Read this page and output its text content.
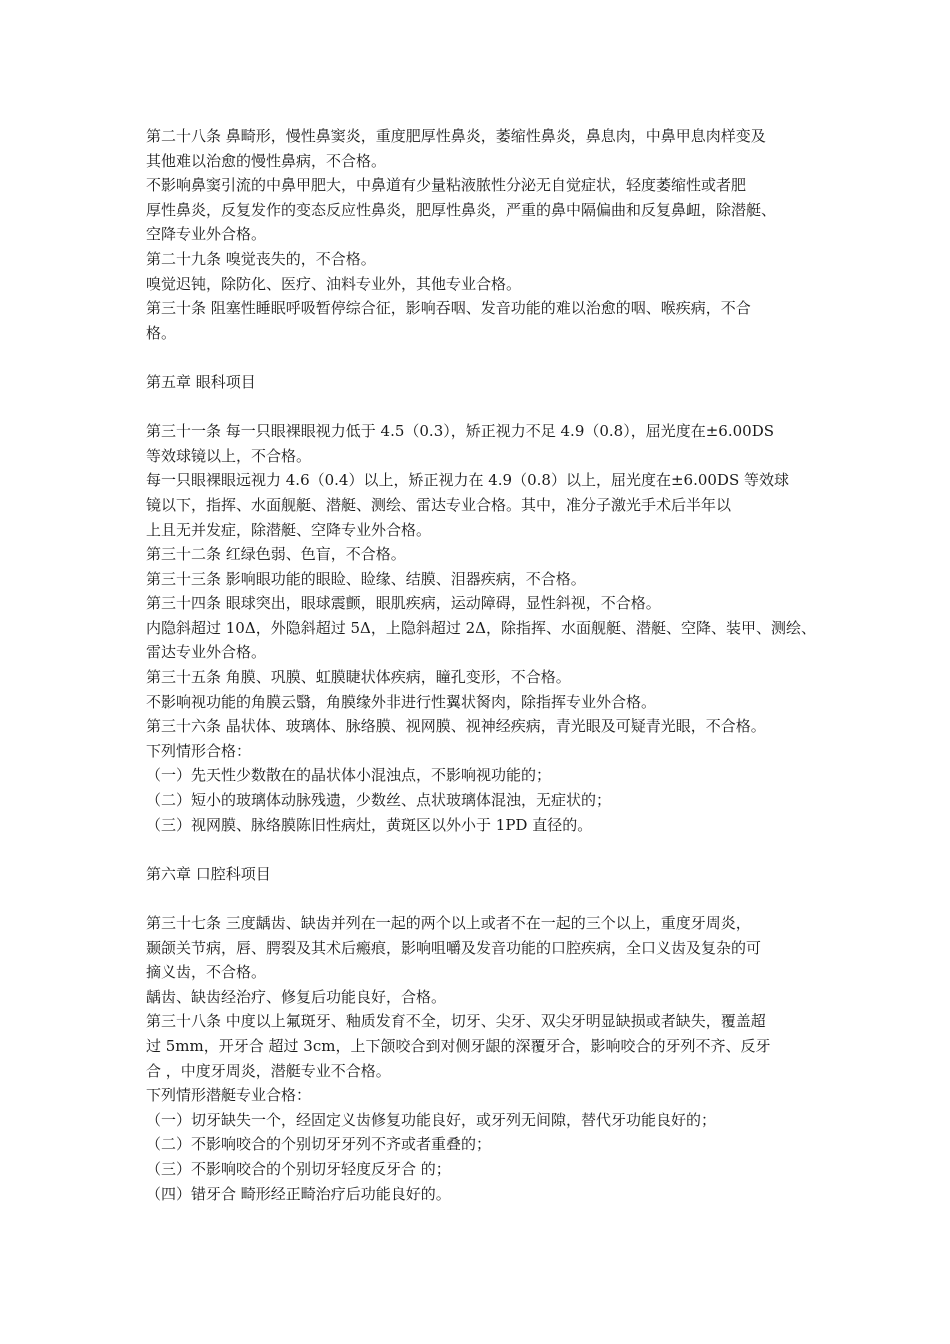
第二十八条 鼻畸形，慢性鼻窦炎，重度肥厚性鼻炎，萎缩性鼻炎，鼻息肉，中鼻甲息肉样变及
其他难以治愈的慢性鼻病，不合格。
不影响鼻窦引流的中鼻甲肥大，中鼻道有少量粘液脓性分泌无自觉症状，轻度萎缩性或者肥
厚性鼻炎，反复发作的变态反应性鼻炎，肥厚性鼻炎，严重的鼻中隔偏曲和反复鼻衄，除潜艇、
空降专业外合格。
第二十九条 嗅觉丧失的，不合格。
嗅觉迟钝，除防化、医疗、油料专业外，其他专业合格。
第三十条 阻塞性睡眠呼吸暂停综合征，影响吞咽、发音功能的难以治愈的咽、喉疾病，不合
格。
第五章 眼科项目
第三十一条 每一只眼裸眼视力低于 4.5（0.3），矫正视力不足 4.9（0.8），屈光度在±6.00DS
等效球镜以上，不合格。
每一只眼裸眼远视力 4.6（0.4）以上，矫正视力在 4.9（0.8）以上，屈光度在±6.00DS 等效球
镜以下，指挥、水面舰艇、潜艇、测绘、雷达专业合格。其中，准分子激光手术后半年以
上且无并发症，除潜艇、空降专业外合格。
第三十二条 红绿色弱、色盲，不合格。
第三十三条 影响眼功能的眼睑、睑缘、结膜、泪器疾病，不合格。
第三十四条 眼球突出，眼球震颤，眼肌疾病，运动障碍，显性斜视，不合格。
内隐斜超过 10Δ，外隐斜超过 5Δ，上隐斜超过 2Δ，除指挥、水面舰艇、潜艇、空降、装甲、测绘、
雷达专业外合格。
第三十五条 角膜、巩膜、虹膜睫状体疾病，瞳孔变形，不合格。
不影响视功能的角膜云翳，角膜缘外非进行性翼状胬肉，除指挥专业外合格。
第三十六条 晶状体、玻璃体、脉络膜、视网膜、视神经疾病，青光眼及可疑青光眼，不合格。
下列情形合格：
（一）先天性少数散在的晶状体小混浊点，不影响视功能的；
（二）短小的玻璃体动脉残遗，少数丝、点状玻璃体混浊，无症状的；
（三）视网膜、脉络膜陈旧性病灶，黄斑区以外小于 1PD 直径的。
第六章 口腔科项目
第三十七条 三度龋齿、缺齿并列在一起的两个以上或者不在一起的三个以上，重度牙周炎，
颞颌关节病，唇、腭裂及其术后瘢痕，影响咀嚼及发音功能的口腔疾病，全口义齿及复杂的可
摘义齿，不合格。
龋齿、缺齿经治疗、修复后功能良好，合格。
第三十八条 中度以上氟斑牙、釉质发育不全，切牙、尖牙、双尖牙明显缺损或者缺失，覆盖超
过 5mm，开牙合 超过 3cm，上下颌咬合到对侧牙龈的深覆牙合，影响咬合的牙列不齐、反牙
合 ，中度牙周炎，潜艇专业不合格。
下列情形潜艇专业合格：
（一）切牙缺失一个，经固定义齿修复功能良好，或牙列无间隙，替代牙功能良好的；
（二）不影响咬合的个别切牙牙列不齐或者重叠的；
（三）不影响咬合的个别切牙轻度反牙合 的；
（四）错牙合 畸形经正畸治疗后功能良好的。
